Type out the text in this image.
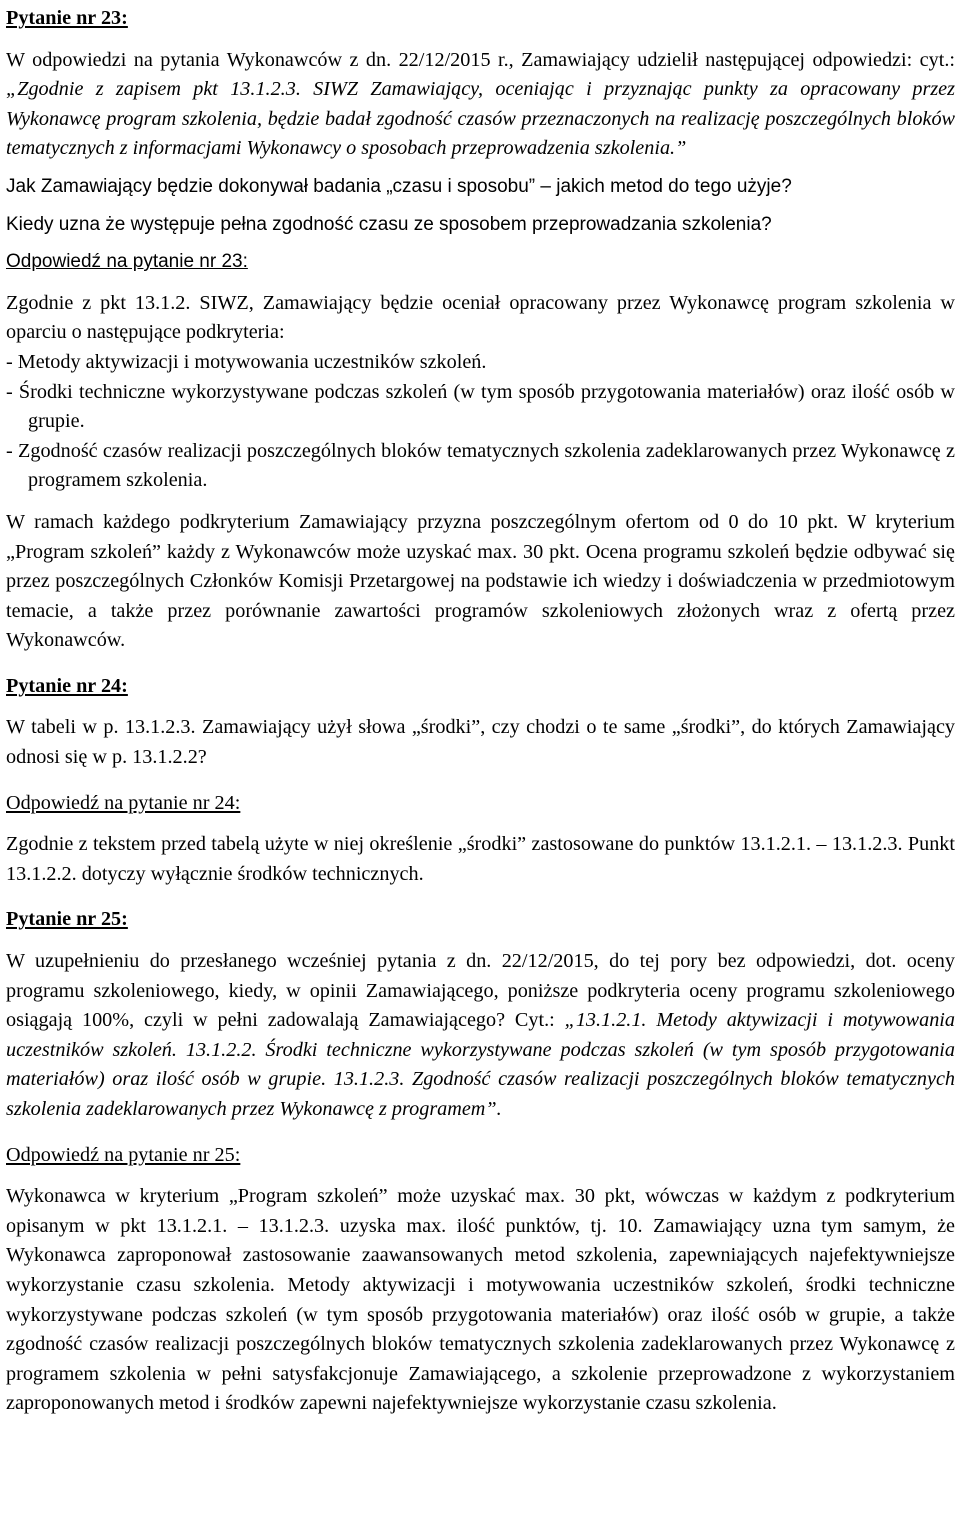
Pytanie nr 23:

W odpowiedzi na pytania Wykonawców z dn. 22/12/2015 r., Zamawiający udzielił następującej odpowiedzi: cyt.: „Zgodnie z zapisem pkt 13.1.2.3. SIWZ Zamawiający, oceniając i przyznając punkty za opracowany przez Wykonawcę program szkolenia, będzie badał zgodność czasów przeznaczonych na realizację poszczególnych bloków tematycznych z informacjami Wykonawcy o sposobach przeprowadzenia szkolenia.”

Jak Zamawiający będzie dokonywał badania „czasu i sposobu” – jakich metod do tego użyje?

Kiedy uzna że występuje pełna zgodność czasu ze sposobem przeprowadzania szkolenia?

Odpowiedź na pytanie nr 23:

Zgodnie z pkt 13.1.2. SIWZ, Zamawiający będzie oceniał opracowany przez Wykonawcę program szkolenia w oparciu o następujące podkryteria:

- Metody aktywizacji i motywowania uczestników szkoleń.

- Środki techniczne wykorzystywane podczas szkoleń (w tym sposób przygotowania materiałów) oraz ilość osób w grupie.

- Zgodność czasów realizacji poszczególnych bloków tematycznych szkolenia zadeklarowanych przez Wykonawcę z programem szkolenia.

W ramach każdego podkryterium Zamawiający przyzna poszczególnym ofertom od 0 do 10 pkt. W kryterium „Program szkoleń” każdy z Wykonawców może uzyskać max. 30 pkt. Ocena programu szkoleń będzie odbywać się przez poszczególnych Członków Komisji Przetargowej na podstawie ich wiedzy i doświadczenia w przedmiotowym temacie, a także przez porównanie zawartości programów szkoleniowych złożonych wraz z ofertą przez Wykonawców.

Pytanie nr 24:

W tabeli w p. 13.1.2.3. Zamawiający użył słowa „środki”, czy chodzi o te same „środki”, do których Zamawiający odnosi się w p. 13.1.2.2?

Odpowiedź na pytanie nr 24:

Zgodnie z tekstem przed tabelą użyte w niej określenie „środki” zastosowane do punktów 13.1.2.1. – 13.1.2.3. Punkt 13.1.2.2. dotyczy wyłącznie środków technicznych.

Pytanie nr 25:

W uzupełnieniu do przesłanego wcześniej pytania z dn. 22/12/2015, do tej pory bez odpowiedzi, dot. oceny programu szkoleniowego, kiedy, w opinii Zamawiającego, poniższe podkryteria oceny programu szkoleniowego osiągają 100%, czyli w pełni zadowalają Zamawiającego? Cyt.: „13.1.2.1. Metody aktywizacji i motywowania uczestników szkoleń. 13.1.2.2. Środki techniczne wykorzystywane podczas szkoleń (w tym sposób przygotowania materiałów) oraz ilość osób w grupie. 13.1.2.3. Zgodność czasów realizacji poszczególnych bloków tematycznych szkolenia zadeklarowanych przez Wykonawcę z programem”.

Odpowiedź na pytanie nr 25:

Wykonawca w kryterium „Program szkoleń” może uzyskać max. 30 pkt, wówczas w każdym z podkryterium opisanym w pkt 13.1.2.1. – 13.1.2.3. uzyska max. ilość punktów, tj. 10. Zamawiający uzna tym samym, że Wykonawca zaproponował zastosowanie zaawansowanych metod szkolenia, zapewniających najefektywniejsze wykorzystanie czasu szkolenia. Metody aktywizacji i motywowania uczestników szkoleń, środki techniczne wykorzystywane podczas szkoleń (w tym sposób przygotowania materiałów) oraz ilość osób w grupie, a także zgodność czasów realizacji poszczególnych bloków tematycznych szkolenia zadeklarowanych przez Wykonawcę z programem szkolenia w pełni satysfakcjonuje Zamawiającego, a szkolenie przeprowadzone z wykorzystaniem zaproponowanych metod i środków zapewni najefektywniejsze wykorzystanie czasu szkolenia.
